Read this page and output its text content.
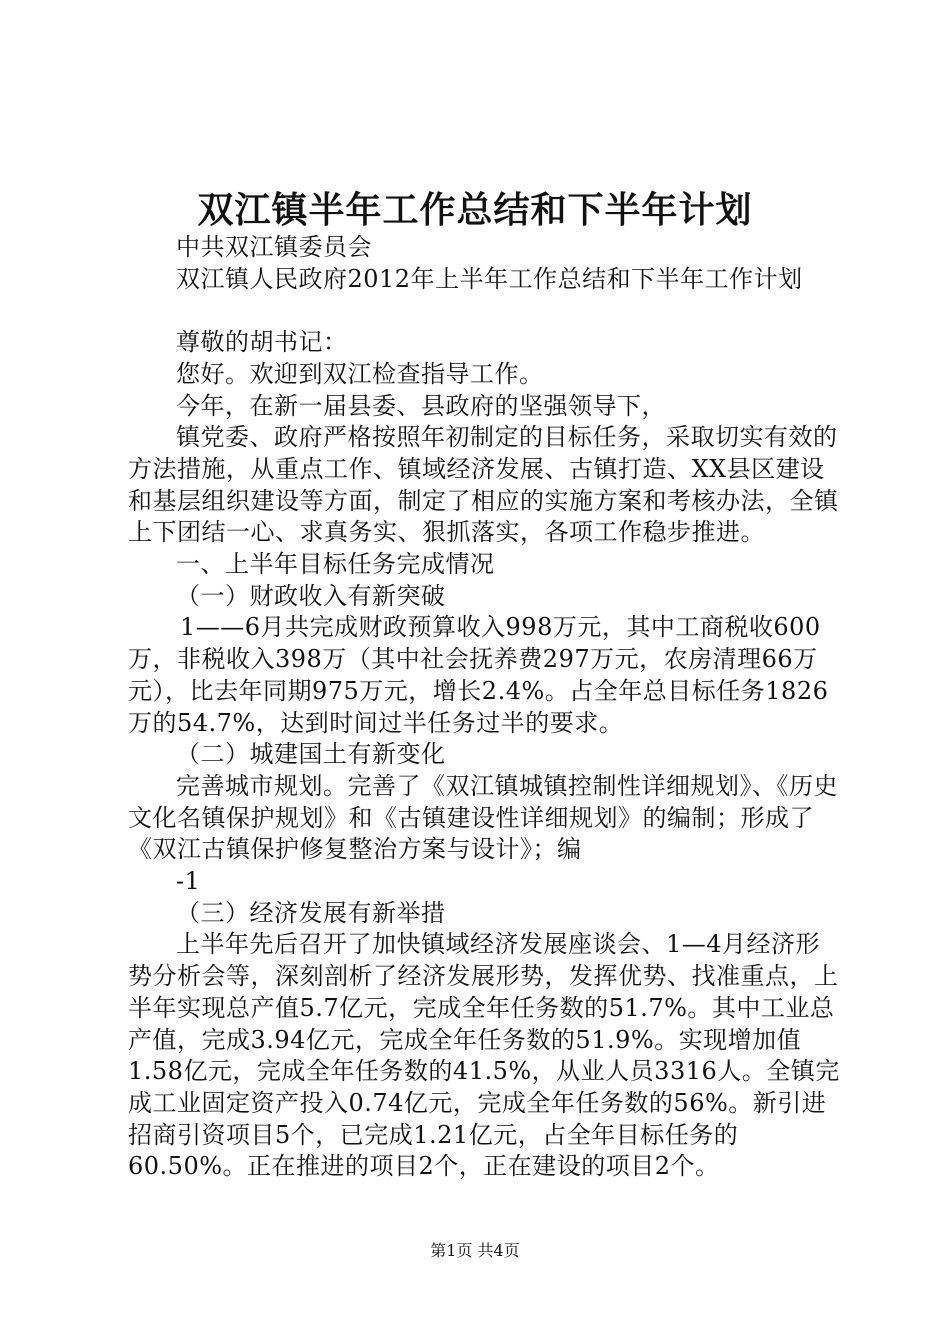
双江镇半年工作总结和下半年计划

中共双江镇委员会

双江镇人民政府2012年上半年工作总结和下半年工作计划

尊敬的胡书记：

您好。欢迎到双江检查指导工作。

今年，在新一届县委、县政府的坚强领导下，

镇党委、政府严格按照年初制定的目标任务，采取切实有效的方法措施，从重点工作、镇域经济发展、古镇打造、XX县区建设和基层组织建设等方面，制定了相应的实施方案和考核办法，全镇上下团结一心、求真务实、狠抓落实，各项工作稳步推进。

一、上半年目标任务完成情况

（一）财政收入有新突破

1——6月共完成财政预算收入998万元，其中工商税收600万，非税收入398万（其中社会抚养费297万元，农房清理66万元），比去年同期975万元，增长2.4%。占全年总目标任务1826万的54.7%，达到时间过半任务过半的要求。

（二）城建国土有新变化

完善城市规划。完善了《双江镇城镇控制性详细规划》、《历史文化名镇保护规划》和《古镇建设性详细规划》的编制；形成了《双江古镇保护修复整治方案与设计》；编

-1

（三）经济发展有新举措

上半年先后召开了加快镇域经济发展座谈会、1—4月经济形势分析会等，深刻剖析了经济发展形势，发挥优势、找准重点，上半年实现总产值5.7亿元，完成全年任务数的51.7%。其中工业总产值，完成3.94亿元，完成全年任务数的51.9%。实现增加值1.58亿元，完成全年任务数的41.5%，从业人员3316人。全镇完成工业固定资产投入0.74亿元，完成全年任务数的56%。新引进招商引资项目5个，已完成1.21亿元，占全年目标任务的60.50%。正在推进的项目2个，正在建设的项目2个。

第1页 共4页
